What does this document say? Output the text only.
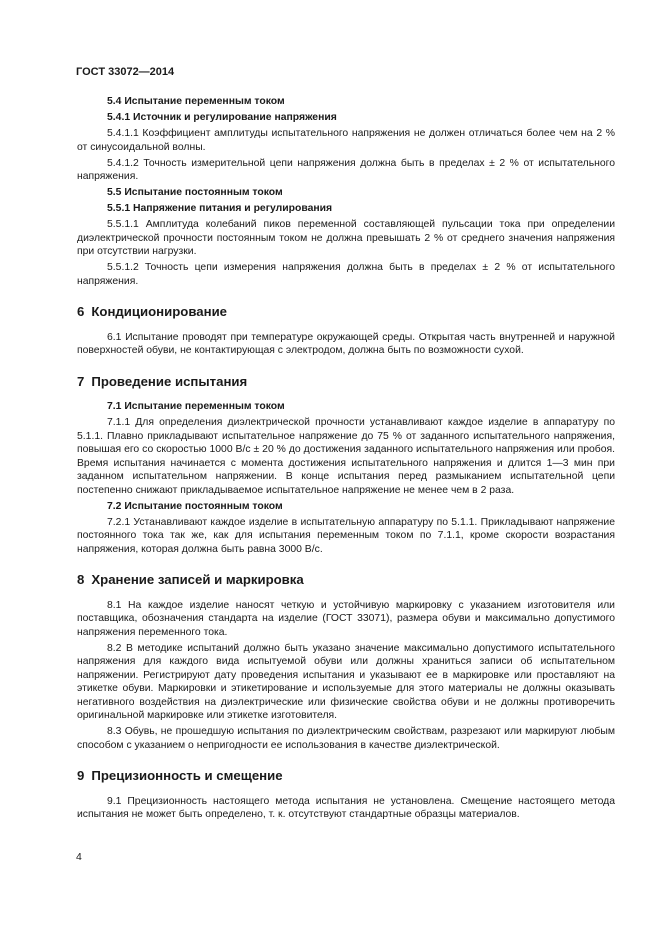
ГОСТ 33072—2014
5.4 Испытание переменным током
5.4.1 Источник и регулирование напряжения
5.4.1.1 Коэффициент амплитуды испытательного напряжения не должен отличаться более чем на 2 % от синусоидальной волны.
5.4.1.2 Точность измерительной цепи напряжения должна быть в пределах ± 2 % от испытательного напряжения.
5.5 Испытание постоянным током
5.5.1 Напряжение питания и регулирования
5.5.1.1 Амплитуда колебаний пиков переменной составляющей пульсации тока при определении диэлектрической прочности постоянным током не должна превышать 2 % от среднего значения напряжения при отсутствии нагрузки.
5.5.1.2 Точность цепи измерения напряжения должна быть в пределах ± 2 % от испытательного напряжения.
6 Кондиционирование
6.1 Испытание проводят при температуре окружающей среды. Открытая часть внутренней и наружной поверхностей обуви, не контактирующая с электродом, должна быть по возможности сухой.
7 Проведение испытания
7.1 Испытание переменным током
7.1.1 Для определения диэлектрической прочности устанавливают каждое изделие в аппаратуру по 5.1.1. Плавно прикладывают испытательное напряжение до 75 % от заданного испытательного напряжения, повышая его со скоростью 1000 В/с ± 20 % до достижения заданного испытательного напряжения или пробоя. Время испытания начинается с момента достижения испытательного напряжения и длится 1—3 мин при заданном испытательном напряжении. В конце испытания перед размыканием испытательной цепи постепенно снижают прикладываемое испытательное напряжение не менее чем в 2 раза.
7.2 Испытание постоянным током
7.2.1 Устанавливают каждое изделие в испытательную аппаратуру по 5.1.1. Прикладывают напряжение постоянного тока так же, как для испытания переменным током по 7.1.1, кроме скорости возрастания напряжения, которая должна быть равна 3000 В/с.
8 Хранение записей и маркировка
8.1 На каждое изделие наносят четкую и устойчивую маркировку с указанием изготовителя или поставщика, обозначения стандарта на изделие (ГОСТ 33071), размера обуви и максимально допустимого напряжения переменного тока.
8.2 В методике испытаний должно быть указано значение максимально допустимого испытательного напряжения для каждого вида испытуемой обуви или должны храниться записи об испытательном напряжении. Регистрируют дату проведения испытания и указывают ее в маркировке или проставляют на этикетке обуви. Маркировки и этикетирование и используемые для этого материалы не должны оказывать негативного воздействия на диэлектрические или физические свойства обуви и не должны противоречить оригинальной маркировке или этикетке изготовителя.
8.3 Обувь, не прошедшую испытания по диэлектрическим свойствам, разрезают или маркируют любым способом с указанием о непригодности ее использования в качестве диэлектрической.
9 Прецизионность и смещение
9.1 Прецизионность настоящего метода испытания не установлена. Смещение настоящего метода испытания не может быть определено, т. к. отсутствуют стандартные образцы материалов.
4
